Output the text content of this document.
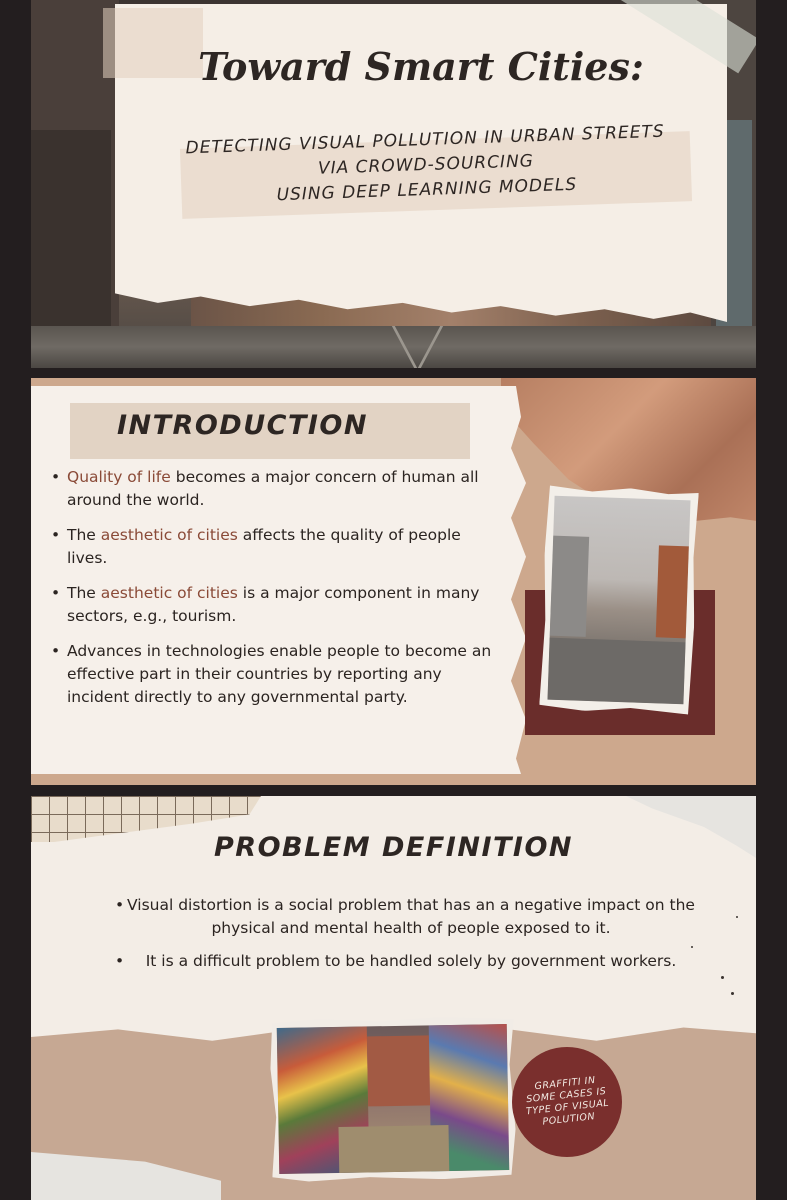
Toward Smart Cities:
DETECTING VISUAL POLLUTION IN URBAN STREETS
VIA CROWD-SOURCING
USING DEEP LEARNING MODELS
INTRODUCTION
• Quality of life becomes a major concern of human all around the world.
• The aesthetic of cities affects the quality of people lives.
• The aesthetic of cities is a major component in many sectors, e.g., tourism.
• Advances in technologies enable people to become an effective part in their countries by reporting any incident directly to any governmental party.

PROBLEM DEFINITION
• Visual distortion is a social problem that has an a negative impact on the physical and mental health of people exposed to it.
• It is a difficult problem to be handled solely by government workers.
GRAFFITI IN SOME CASES IS TYPE OF VISUAL POLUTION
